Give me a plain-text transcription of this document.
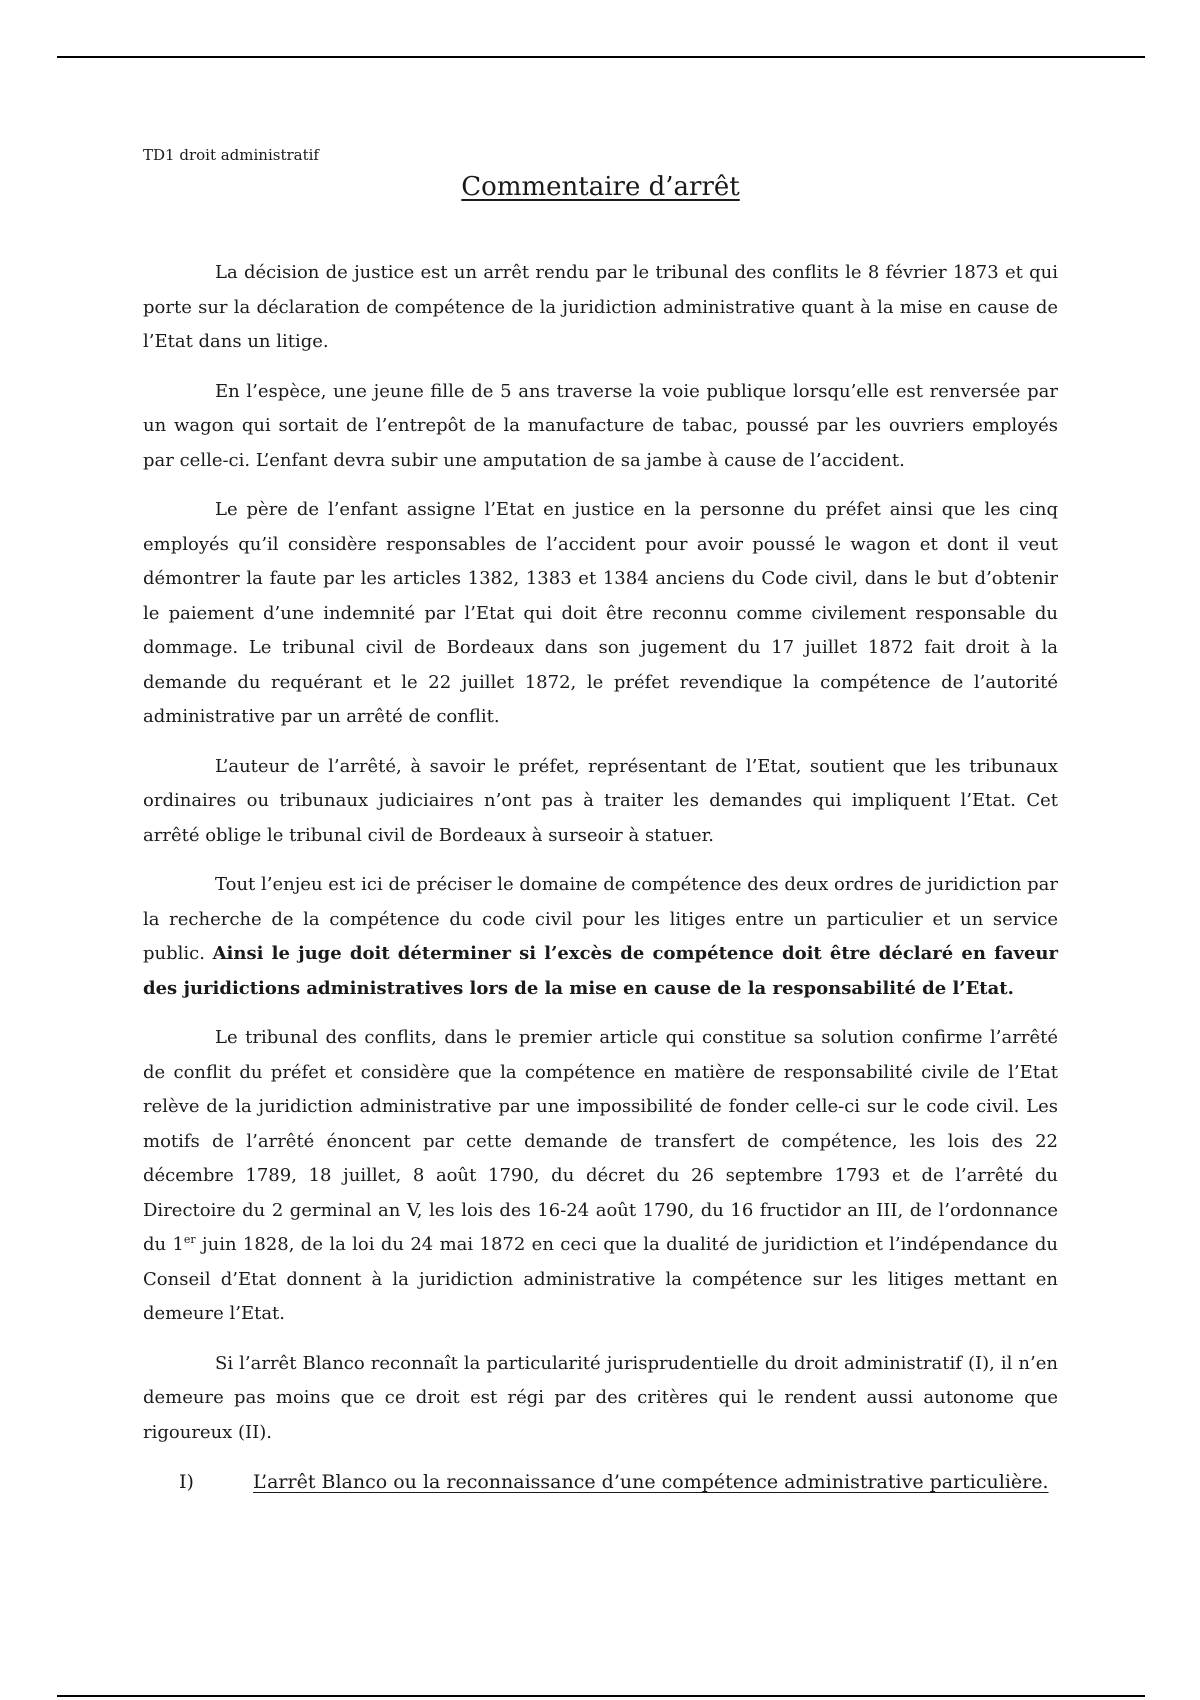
TD1 droit administratif

Commentaire d’arrêt

La décision de justice est un arrêt rendu par le tribunal des conflits le 8 février 1873 et qui porte sur la déclaration de compétence de la juridiction administrative quant à la mise en cause de l’Etat dans un litige.

En l’espèce, une jeune fille de 5 ans traverse la voie publique lorsqu’elle est renversée par un wagon qui sortait de l’entrepôt de la manufacture de tabac, poussé par les ouvriers employés par celle-ci. L’enfant devra subir une amputation de sa jambe à cause de l’accident.

Le père de l’enfant assigne l’Etat en justice en la personne du préfet ainsi que les cinq employés qu’il considère responsables de l’accident pour avoir poussé le wagon et dont il veut démontrer la faute par les articles 1382, 1383 et 1384 anciens du Code civil, dans le but d’obtenir le paiement d’une indemnité par l’Etat qui doit être reconnu comme civilement responsable du dommage. Le tribunal civil de Bordeaux dans son jugement du 17 juillet 1872 fait droit à la demande du requérant et le 22 juillet 1872, le préfet revendique la compétence de l’autorité administrative par un arrêté de conflit.

L’auteur de l’arrêté, à savoir le préfet, représentant de l’Etat, soutient que les tribunaux ordinaires ou tribunaux judiciaires n’ont pas à traiter les demandes qui impliquent l’Etat. Cet arrêté oblige le tribunal civil de Bordeaux à surseoir à statuer.

Tout l’enjeu est ici de préciser le domaine de compétence des deux ordres de juridiction par la recherche de la compétence du code civil pour les litiges entre un particulier et un service public. Ainsi le juge doit déterminer si l’excès de compétence doit être déclaré en faveur des juridictions administratives lors de la mise en cause de la responsabilité de l’Etat.

Le tribunal des conflits, dans le premier article qui constitue sa solution confirme l’arrêté de conflit du préfet et considère que la compétence en matière de responsabilité civile de l’Etat relève de la juridiction administrative par une impossibilité de fonder celle-ci sur le code civil. Les motifs de l’arrêté énoncent par cette demande de transfert de compétence, les lois des 22 décembre 1789, 18 juillet, 8 août 1790, du décret du 26 septembre 1793 et de l’arrêté du Directoire du 2 germinal an V, les lois des 16-24 août 1790, du 16 fructidor an III, de l’ordonnance du 1er juin 1828, de la loi du 24 mai 1872 en ceci que la dualité de juridiction et l’indépendance du Conseil d’Etat donnent à la juridiction administrative la compétence sur les litiges mettant en demeure l’Etat.

Si l’arrêt Blanco reconnaît la particularité jurisprudentielle du droit administratif (I), il n’en demeure pas moins que ce droit est régi par des critères qui le rendent aussi autonome que rigoureux (II).

I)	L’arrêt Blanco ou la reconnaissance d’une compétence administrative particulière.
